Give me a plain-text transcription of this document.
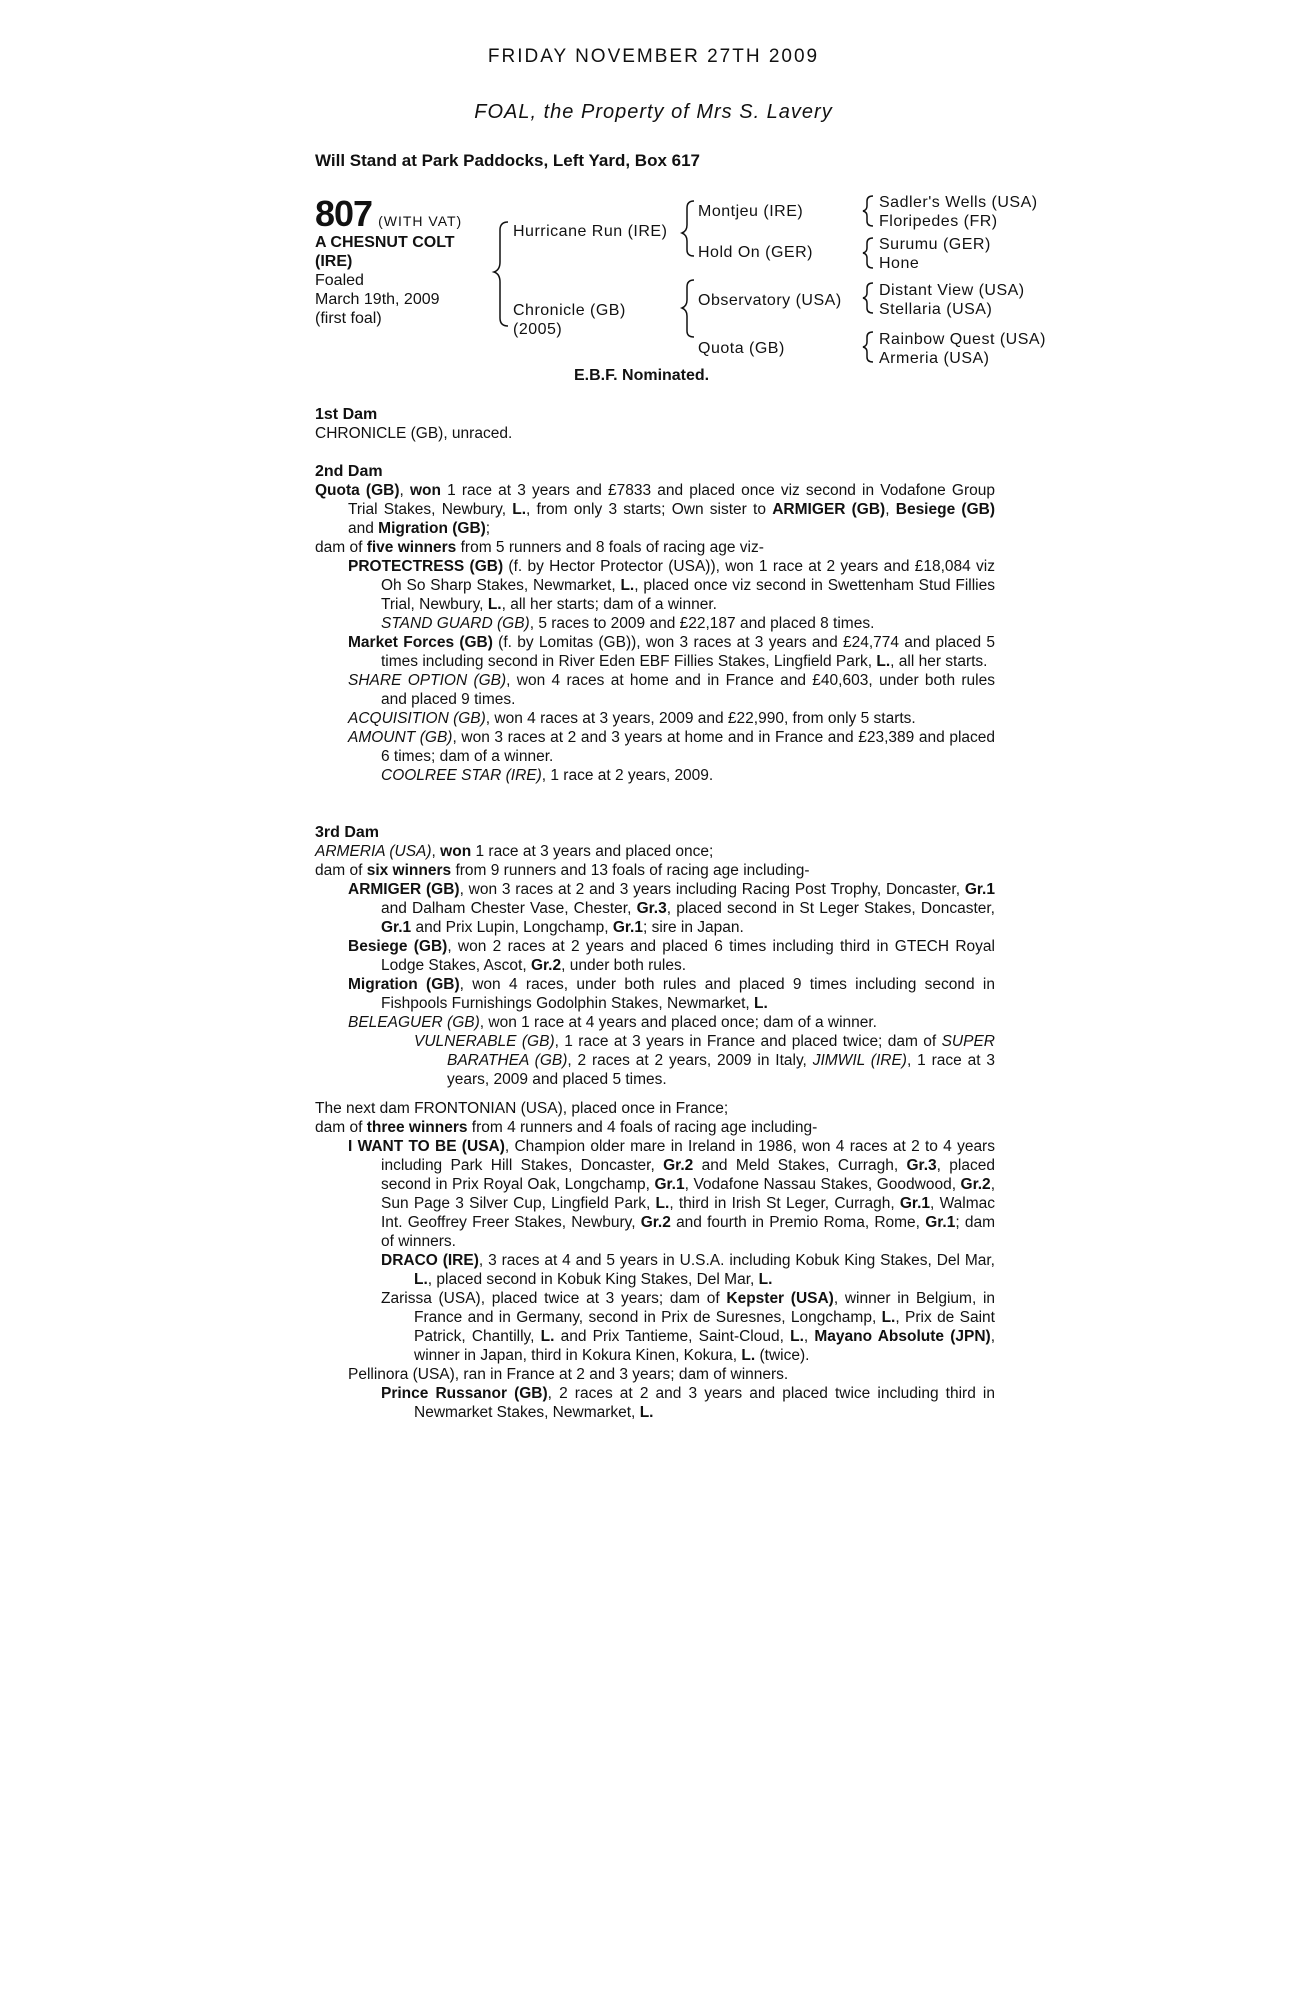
FRIDAY NOVEMBER 27TH 2009
FOAL, the Property of Mrs S. Lavery
Will Stand at Park Paddocks, Left Yard, Box 617
807 (WITH VAT)
A CHESNUT COLT
(IRE)
Foaled
March 19th, 2009
(first foal)
Hurricane Run (IRE)
Chronicle (GB)
(2005)
Montjeu (IRE)
Hold On (GER)
Observatory (USA)
Quota (GB)
Sadler's Wells (USA)
Floripedes (FR)
Surumu (GER)
Hone
Distant View (USA)
Stellaria (USA)
Rainbow Quest (USA)
Armeria (USA)
E.B.F. Nominated.
1st Dam

CHRONICLE (GB), unraced.

2nd Dam

Quota (GB), won 1 race at 3 years and £7833 and placed once viz second in Vodafone Group Trial Stakes, Newbury, L., from only 3 starts; Own sister to ARMIGER (GB), Besiege (GB) and Migration (GB);

dam of five winners from 5 runners and 8 foals of racing age viz-

PROTECTRESS (GB) (f. by Hector Protector (USA)), won 1 race at 2 years and £18,084 viz Oh So Sharp Stakes, Newmarket, L., placed once viz second in Swettenham Stud Fillies Trial, Newbury, L., all her starts; dam of a winner.

STAND GUARD (GB), 5 races to 2009 and £22,187 and placed 8 times.

Market Forces (GB) (f. by Lomitas (GB)), won 3 races at 3 years and £24,774 and placed 5 times including second in River Eden EBF Fillies Stakes, Lingfield Park, L., all her starts.

SHARE OPTION (GB), won 4 races at home and in France and £40,603, under both rules and placed 9 times.

ACQUISITION (GB), won 4 races at 3 years, 2009 and £22,990, from only 5 starts.

AMOUNT (GB), won 3 races at 2 and 3 years at home and in France and £23,389 and placed 6 times; dam of a winner.

COOLREE STAR (IRE), 1 race at 2 years, 2009.

3rd Dam

ARMERIA (USA), won 1 race at 3 years and placed once;

dam of six winners from 9 runners and 13 foals of racing age including-

ARMIGER (GB), won 3 races at 2 and 3 years including Racing Post Trophy, Doncaster, Gr.1 and Dalham Chester Vase, Chester, Gr.3, placed second in St Leger Stakes, Doncaster, Gr.1 and Prix Lupin, Longchamp, Gr.1; sire in Japan.

Besiege (GB), won 2 races at 2 years and placed 6 times including third in GTECH Royal Lodge Stakes, Ascot, Gr.2, under both rules.

Migration (GB), won 4 races, under both rules and placed 9 times including second in Fishpools Furnishings Godolphin Stakes, Newmarket, L.

BELEAGUER (GB), won 1 race at 4 years and placed once; dam of a winner.

VULNERABLE (GB), 1 race at 3 years in France and placed twice; dam of SUPER BARATHEA (GB), 2 races at 2 years, 2009 in Italy, JIMWIL (IRE), 1 race at 3 years, 2009 and placed 5 times.

The next dam FRONTONIAN (USA), placed once in France;

dam of three winners from 4 runners and 4 foals of racing age including-

I WANT TO BE (USA), Champion older mare in Ireland in 1986, won 4 races at 2 to 4 years including Park Hill Stakes, Doncaster, Gr.2 and Meld Stakes, Curragh, Gr.3, placed second in Prix Royal Oak, Longchamp, Gr.1, Vodafone Nassau Stakes, Goodwood, Gr.2, Sun Page 3 Silver Cup, Lingfield Park, L., third in Irish St Leger, Curragh, Gr.1, Walmac Int. Geoffrey Freer Stakes, Newbury, Gr.2 and fourth in Premio Roma, Rome, Gr.1; dam of winners.

DRACO (IRE), 3 races at 4 and 5 years in U.S.A. including Kobuk King Stakes, Del Mar, L., placed second in Kobuk King Stakes, Del Mar, L.

Zarissa (USA), placed twice at 3 years; dam of Kepster (USA), winner in Belgium, in France and in Germany, second in Prix de Suresnes, Longchamp, L., Prix de Saint Patrick, Chantilly, L. and Prix Tantieme, Saint-Cloud, L., Mayano Absolute (JPN), winner in Japan, third in Kokura Kinen, Kokura, L. (twice).

Pellinora (USA), ran in France at 2 and 3 years; dam of winners.

Prince Russanor (GB), 2 races at 2 and 3 years and placed twice including third in Newmarket Stakes, Newmarket, L.
